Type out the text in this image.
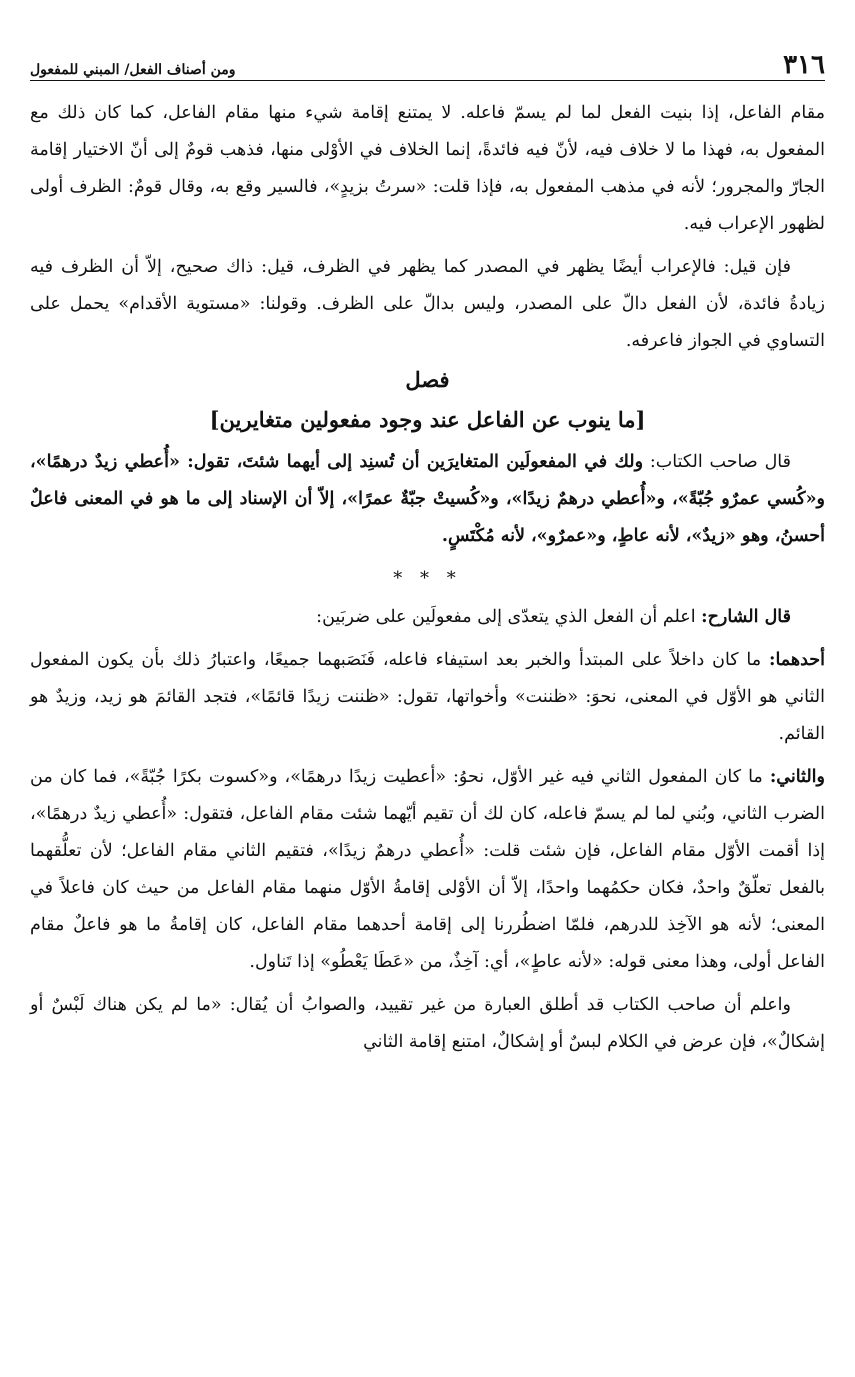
٣١٦
ومن أصناف الفعل/ المبني للمفعول

مقام الفاعل، إذا بنيت الفعل لما لم يسمّ فاعله. لا يمتنع إقامة شيء منها مقام الفاعل، كما كان ذلك مع المفعول به، فهذا ما لا خلاف فيه، لأنّ فيه فائدةً، إنما الخلاف في الأوْلى منها، فذهب قومٌ إلى أنّ الاختيار إقامة الجارّ والمجرور؛ لأنه في مذهب المفعول به، فإذا قلت: «سرتُ بزيدٍ»، فالسير وقع به، وقال قومٌ: الظرف أولى لظهور الإعراب فيه.

فإن قيل: فالإعراب أيضًا يظهر في المصدر كما يظهر في الظرف، قيل: ذاك صحيح، إلاّ أن الظرف فيه زيادةُ فائدة، لأن الفعل دالّ على المصدر، وليس بدالّ على الظرف. وقولنا: «مستوية الأقدام» يحمل على التساوي في الجواز فاعرفه.

فصل
[ما ينوب عن الفاعل عند وجود مفعولين متغايرين]

قال صاحب الكتاب: ولك في المفعولَين المتغايرَين أن تُسنِد إلى أيهما شئتَ، تقول: «أُعطي زيدٌ درهمًا»، و«كُسي عمرٌو جُبّةً»، و«أُعطي درهمٌ زيدًا»، و«كُسيتْ جبّةٌ عمرًا»، إلاّ أن الإسناد إلى ما هو في المعنى فاعلٌ أحسنُ، وهو «زيدٌ»، لأنه عاطٍ، و«عمرٌو»، لأنه مُكْتَسٍ.

* * *

قال الشارح: اعلم أن الفعل الذي يتعدّى إلى مفعولَين على ضربَين:

أحدهما: ما كان داخلاً على المبتدأ والخبر بعد استيفاء فاعله، فَنَصَبهما جميعًا، واعتبارُ ذلك بأن يكون المفعول الثاني هو الأوّل في المعنى، نحوَ: «ظننت» وأخواتها، تقول: «ظننت زيدًا قائمًا»، فتجد القائمَ هو زيد، وزيدٌ هو القائم.

والثاني: ما كان المفعول الثاني فيه غير الأوّل، نحوُ: «أعطيت زيدًا درهمًا»، و«كسوت بكرًا جُبّةً»، فما كان من الضرب الثاني، وبُني لما لم يسمّ فاعله، كان لك أن تقيم أيّهما شئت مقام الفاعل، فتقول: «أُعطي زيدٌ درهمًا»، إذا أقمت الأوّل مقام الفاعل، فإن شئت قلت: «أُعطي درهمٌ زيدًا»، فتقيم الثاني مقام الفاعل؛ لأن تعلُّقهما بالفعل تعلّقٌ واحدٌ، فكان حكمُهما واحدًا، إلاّ أن الأوْلى إقامةُ الأوّل منهما مقام الفاعل من حيث كان فاعلاً في المعنى؛ لأنه هو الآخِذ للدرهم، فلمّا اضطُررنا إلى إقامة أحدهما مقام الفاعل، كان إقامةُ ما هو فاعلٌ مقام الفاعل أولى، وهذا معنى قوله: «لأنه عاطٍ»، أي: آخِذٌ، من «عَطَا يَعْطُو» إذا تَناول.

واعلم أن صاحب الكتاب قد أطلق العبارة من غير تقييد، والصوابُ أن يُقال: «ما لم يكن هناك لَبْسٌ أو إشكالٌ»، فإن عرض في الكلام لبسٌ أو إشكالٌ، امتنع إقامة الثاني
